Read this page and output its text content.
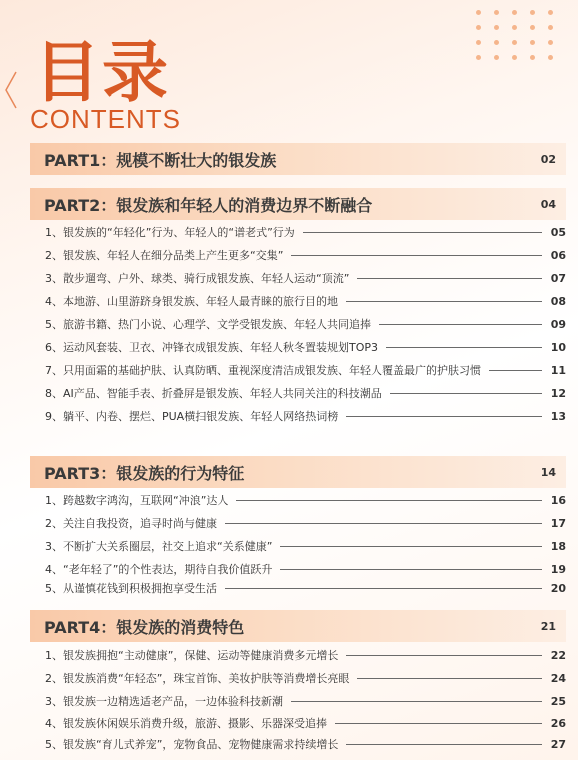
目录
CONTENTS
PART1：规模不断壮大的银发族	02
PART2：银发族和年轻人的消费边界不断融合	04
1、银发族的“年轻化”行为、年轻人的“谱老式”行为	05
2、银发族、年轻人在细分品类上产生更多“交集”	06
3、散步遛弯、户外、球类、骑行成银发族、年轻人运动“顶流”	07
4、本地游、山里游跻身银发族、年轻人最青睐的旅行目的地	08
5、旅游书籍、热门小说、心理学、文学受银发族、年轻人共同追捧	09
6、运动风套装、卫衣、冲锋衣成银发族、年轻人秋冬置装规划TOP3	10
7、只用面霜的基础护肤、认真防晒、重视深度清洁成银发族、年轻人覆盖最广的护肤习惯	11
8、AI产品、智能手表、折叠屏是银发族、年轻人共同关注的科技潮品	12
9、躺平、内卷、摆烂、PUA横扫银发族、年轻人网络热词榜	13
PART3：银发族的行为特征	14
1、跨越数字鸿沟，互联网“冲浪”达人	16
2、关注自我投资，追寻时尚与健康	17
3、不断扩大关系圈层，社交上追求“关系健康”	18
4、“老年轻了”的个性表达，期待自我价值跃升	19
5、从谨慎花钱到积极拥抱享受生活	20
PART4：银发族的消费特色	21
1、银发族拥抱“主动健康”，保健、运动等健康消费多元增长	22
2、银发族消费“年轻态”，珠宝首饰、美妆护肤等消费增长亮眼	24
3、银发族一边精选适老产品，一边体验科技新潮	25
4、银发族休闲娱乐消费升级，旅游、摄影、乐器深受追捧	26
5、银发族“育儿式养宠”，宠物食品、宠物健康需求持续增长	27
